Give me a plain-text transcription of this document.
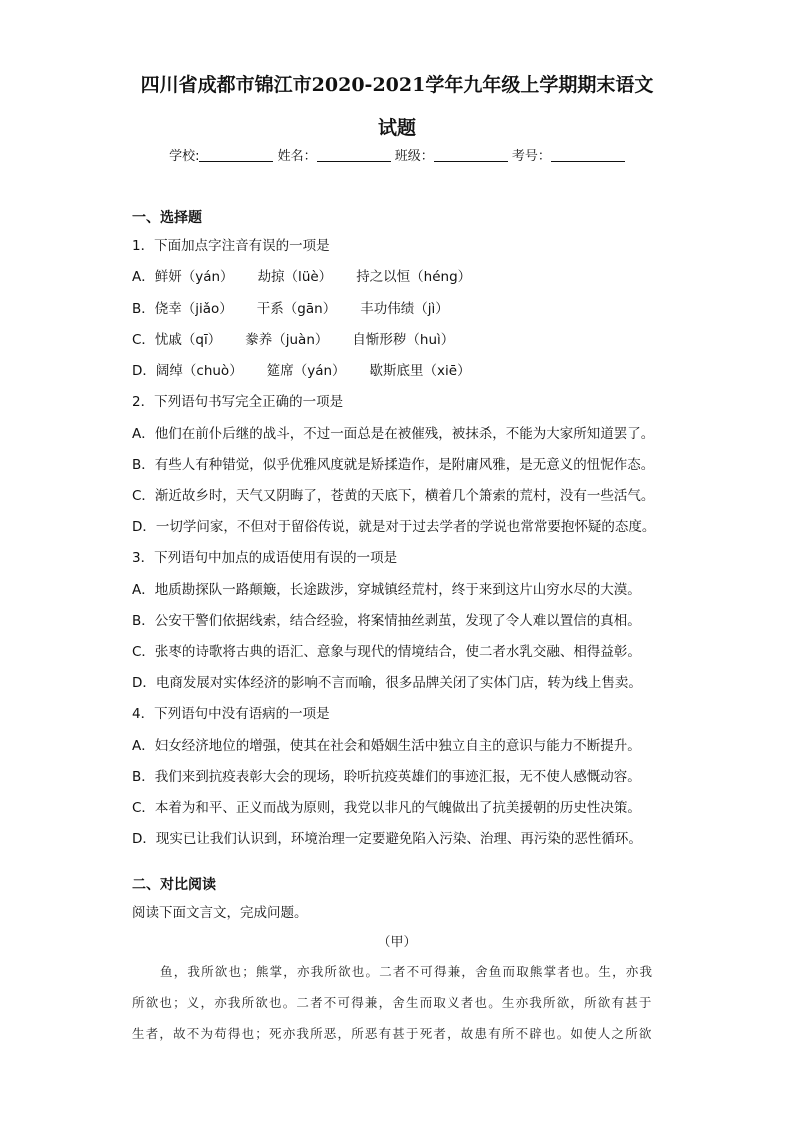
四川省成都市锦江市2020-2021学年九年级上学期期末语文
试题
学校:	姓名：	班级：	考号：
一、选择题
1．下面加点字注音有误的一项是
A．鲜妍（yán） 劫掠（lüè） 持之以恒（héng）
B．侥幸（jiǎo） 干系（gān） 丰功伟绩（jì）
C．忧戚（qī） 豢养（juàn） 自惭形秽（huì）
D．阔绰（chuò） 筵席（yán） 歇斯底里（xiē）
2．下列语句书写完全正确的一项是
A．他们在前仆后继的战斗，不过一面总是在被催残，被抹杀，不能为大家所知道罢了。
B．有些人有种错觉，似乎优雅风度就是矫揉造作，是附庸风雅，是无意义的忸怩作态。
C．渐近故乡时，天气又阴晦了，苍黄的天底下，横着几个箫索的荒村，没有一些活气。
D．一切学问家，不但对于留俗传说，就是对于过去学者的学说也常常要抱怀疑的态度。
3．下列语句中加点的成语使用有误的一项是
A．地质勘探队一路颠簸，长途跋涉，穿城镇经荒村，终于来到这片山穷水尽的大漠。
B．公安干警们依据线索，结合经验，将案情抽丝剥茧，发现了令人难以置信的真相。
C．张枣的诗歌将古典的语汇、意象与现代的情境结合，使二者水乳交融、相得益彰。
D．电商发展对实体经济的影响不言而喻，很多品牌关闭了实体门店，转为线上售卖。
4．下列语句中没有语病的一项是
A．妇女经济地位的增强，使其在社会和婚姻生活中独立自主的意识与能力不断提升。
B．我们来到抗疫表彰大会的现场，聆听抗疫英雄们的事迹汇报，无不使人感慨动容。
C．本着为和平、正义而战为原则，我党以非凡的气魄做出了抗美援朝的历史性决策。
D．现实已让我们认识到，环境治理一定要避免陷入污染、治理、再污染的恶性循环。
二、对比阅读
阅读下面文言文，完成问题。
（甲）
鱼，我所欲也；熊掌，亦我所欲也。二者不可得兼，舍鱼而取熊掌者也。生，亦我
所欲也；义，亦我所欲也。二者不可得兼，舍生而取义者也。生亦我所欲，所欲有甚于
生者，故不为苟得也；死亦我所恶，所恶有甚于死者，故患有所不辟也。如使人之所欲
